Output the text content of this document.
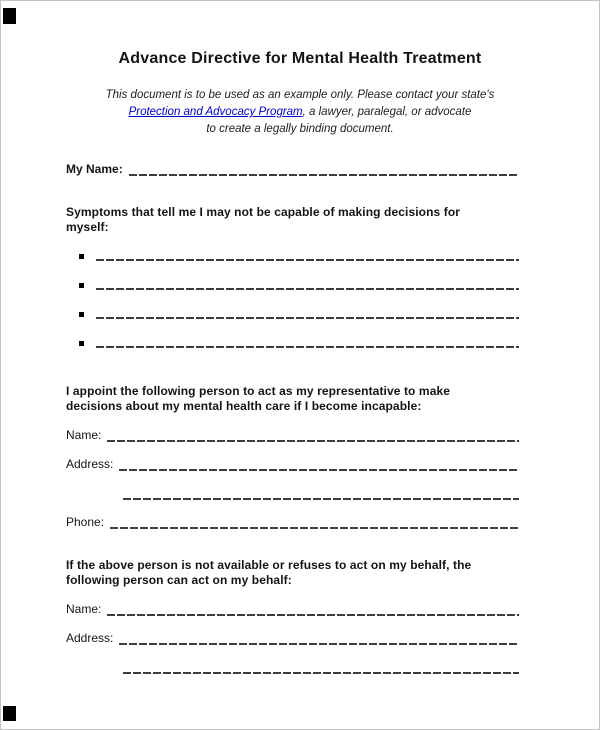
Advance Directive for Mental Health Treatment

This document is to be used as an example only. Please contact your state's
Protection and Advocacy Program, a lawyer, paralegal, or advocate
to create a legally binding document.

My Name:
Symptoms that tell me I may not be capable of making decisions for
myself:
I appoint the following person to act as my representative to make
decisions about my mental health care if I become incapable:
Name:
Address:
Phone:
If the above person is not available or refuses to act on my behalf, the
following person can act on my behalf:
Name:
Address:
